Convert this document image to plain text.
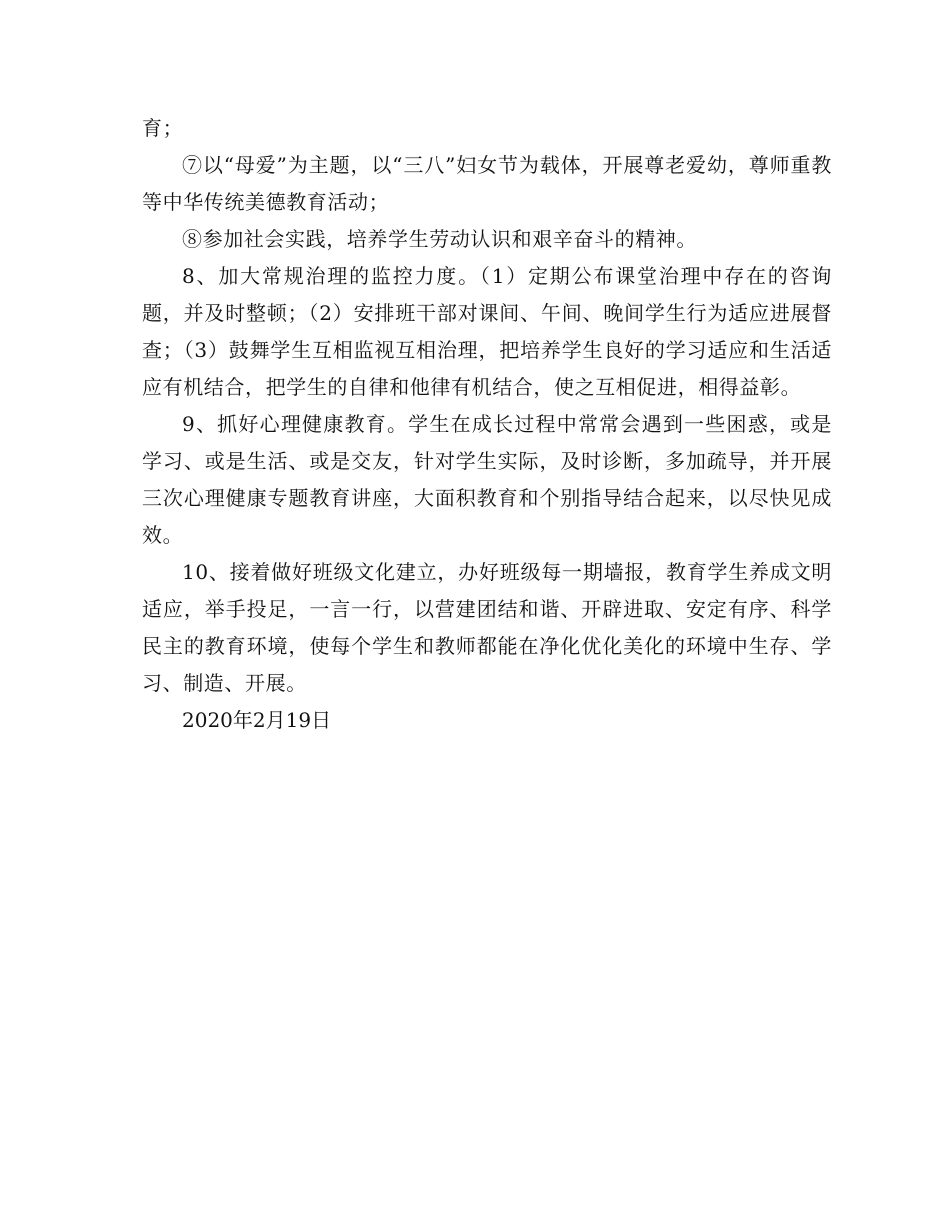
育；

⑦以“母爱”为主题，以“三八”妇女节为载体，开展尊老爱幼，尊师重教等中华传统美德教育活动；

⑧参加社会实践，培养学生劳动认识和艰辛奋斗的精神。

8、加大常规治理的监控力度。（1）定期公布课堂治理中存在的咨询题，并及时整顿；（2）安排班干部对课间、午间、晚间学生行为适应进展督查；（3）鼓舞学生互相监视互相治理，把培养学生良好的学习适应和生活适应有机结合，把学生的自律和他律有机结合，使之互相促进，相得益彰。

9、抓好心理健康教育。学生在成长过程中常常会遇到一些困惑，或是学习、或是生活、或是交友，针对学生实际，及时诊断，多加疏导，并开展三次心理健康专题教育讲座，大面积教育和个别指导结合起来，以尽快见成效。

10、接着做好班级文化建立，办好班级每一期墙报，教育学生养成文明适应，举手投足，一言一行，以营建团结和谐、开辟进取、安定有序、科学民主的教育环境，使每个学生和教师都能在净化优化美化的环境中生存、学习、制造、开展。

2020年2月19日
